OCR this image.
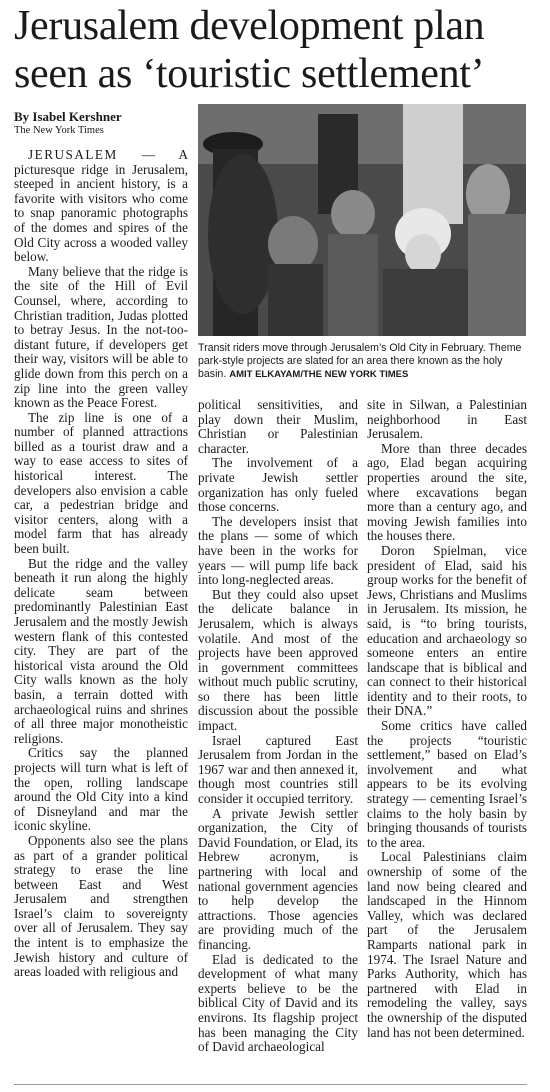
Jerusalem development plan seen as ‘touristic settlement’
By Isabel Kershner
The New York Times
Transit riders move through Jerusalem’s Old City in February. Theme park-style projects are slated for an area there known as the holy basin. AMIT ELKAYAM/THE NEW YORK TIMES

JERUSALEM — A picturesque ridge in Jerusalem, steeped in ancient history, is a favorite with visitors who come to snap panoramic photographs of the domes and spires of the Old City across a wooded valley below.

Many believe that the ridge is the site of the Hill of Evil Counsel, where, according to Christian tradition, Judas plotted to betray Jesus. In the not-too-distant future, if developers get their way, visitors will be able to glide down from this perch on a zip line into the green valley known as the Peace Forest.

The zip line is one of a number of planned attractions billed as a tourist draw and a way to ease access to sites of historical interest. The developers also envision a cable car, a pedestrian bridge and visitor centers, along with a model farm that has already been built.

But the ridge and the valley beneath it run along the highly delicate seam between predominantly Palestinian East Jerusalem and the mostly Jewish western flank of this contested city. They are part of the historical vista around the Old City walls known as the holy basin, a terrain dotted with archaeological ruins and shrines of all three major monotheistic religions.

Critics say the planned projects will turn what is left of the open, rolling landscape around the Old City into a kind of Disneyland and mar the iconic skyline.

Opponents also see the plans as part of a grander political strategy to erase the line between East and West Jerusalem and strengthen Israel’s claim to sovereignty over all of Jerusalem. They say the intent is to emphasize the Jewish history and culture of areas loaded with religious and

political sensitivities, and play down their Muslim, Christian or Palestinian character.

The involvement of a private Jewish settler organization has only fueled those concerns.

The developers insist that the plans — some of which have been in the works for years — will pump life back into long-neglected areas.

But they could also upset the delicate balance in Jerusalem, which is always volatile. And most of the projects have been approved in government committees without much public scrutiny, so there has been little discussion about the possible impact.

Israel captured East Jerusalem from Jordan in the 1967 war and then annexed it, though most countries still consider it occupied territory.

A private Jewish settler organization, the City of David Foundation, or Elad, its Hebrew acronym, is partnering with local and national government agencies to help develop the attractions. Those agencies are providing much of the financing.

Elad is dedicated to the development of what many experts believe to be the biblical City of David and its environs. Its flagship project has been managing the City of David archaeological

site in Silwan, a Palestinian neighborhood in East Jerusalem.

More than three decades ago, Elad began acquiring properties around the site, where excavations began more than a century ago, and moving Jewish families into the houses there.

Doron Spielman, vice president of Elad, said his group works for the benefit of Jews, Christians and Muslims in Jerusalem. Its mission, he said, is “to bring tourists, education and archaeology so someone enters an entire landscape that is biblical and can connect to their historical identity and to their roots, to their DNA.”

Some critics have called the projects “touristic settlement,” based on Elad’s involvement and what appears to be its evolving strategy — cementing Israel’s claims to the holy basin by bringing thousands of tourists to the area.

Local Palestinians claim ownership of some of the land now being cleared and landscaped in the Hinnom Valley, which was declared part of the Jerusalem Ramparts national park in 1974. The Israel Nature and Parks Authority, which has partnered with Elad in remodeling the valley, says the ownership of the disputed land has not been determined.
